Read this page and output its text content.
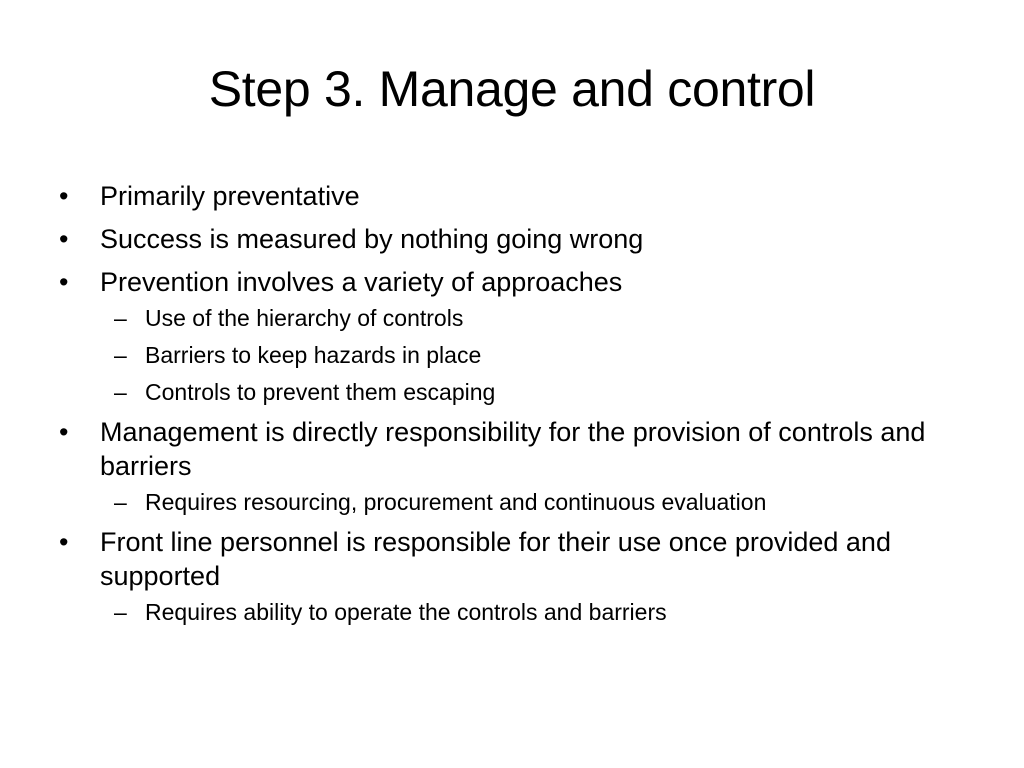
Step 3. Manage and control
• Primarily preventative
• Success is measured by nothing going wrong
• Prevention involves a variety of approaches
– Use of the hierarchy of controls
– Barriers to keep hazards in place
– Controls to prevent them escaping
• Management is directly responsibility for the provision of controls and barriers
– Requires resourcing, procurement and continuous evaluation
• Front line personnel is responsible for their use once provided and supported
– Requires ability to operate the controls and barriers
